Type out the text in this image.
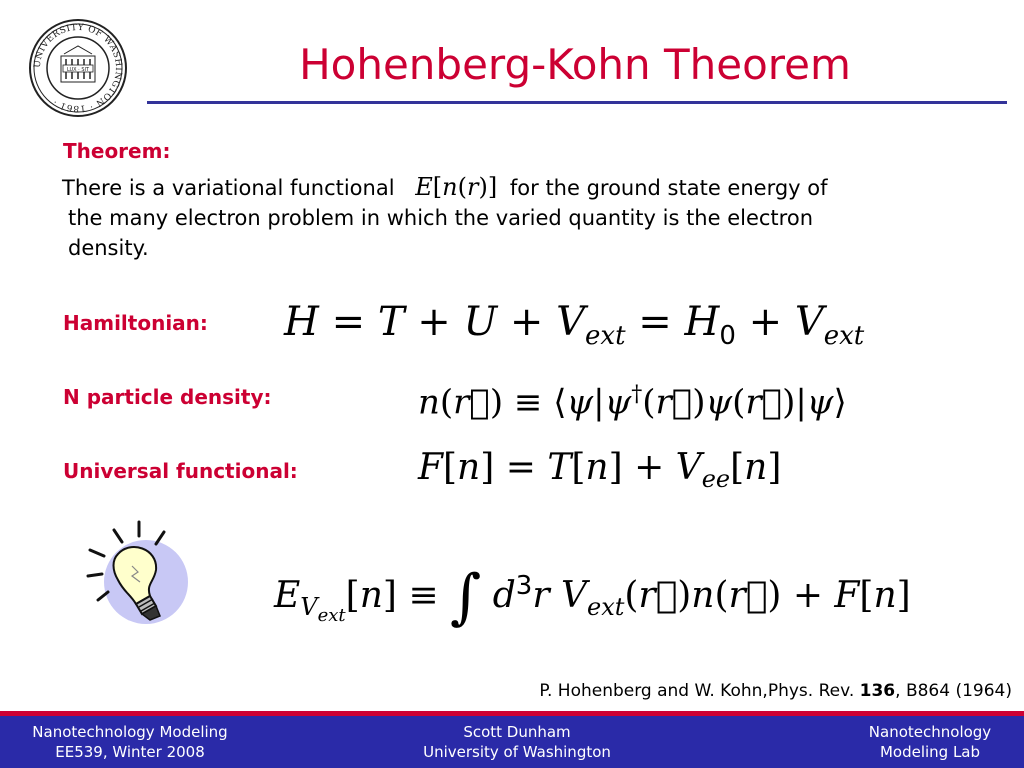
UNIVERSITY OF WASHINGTON · 1861 ·
LUX · SIT	Hohenberg-Kohn Theorem
Theorem:
There is a variational functional E[n(r)] for the ground state energy of
the many electron problem in which the varied quantity is the electron
density.
Hamiltonian: $H = T + U + V_{ext} = H_0 + V_{ext}$
N particle density:	n(r⃗) ≡ ⟨ψ|ψ†(r⃗)ψ(r⃗)|ψ⟩
Universal functional:	$F[n] = T[n] + V_{ee}[n]$
$E_{V_{ext}}[n]$ ≡ ∫ $d^3r$ $V_{ext}(r⃗)n(r⃗) + F[n]$
P. Hohenberg and W. Kohn,Phys. Rev. 136, B864 (1964)
Nanotechnology Modeling
EE539, Winter 2008
Scott Dunham
University of Washington
Nanotechnology
Modeling Lab
